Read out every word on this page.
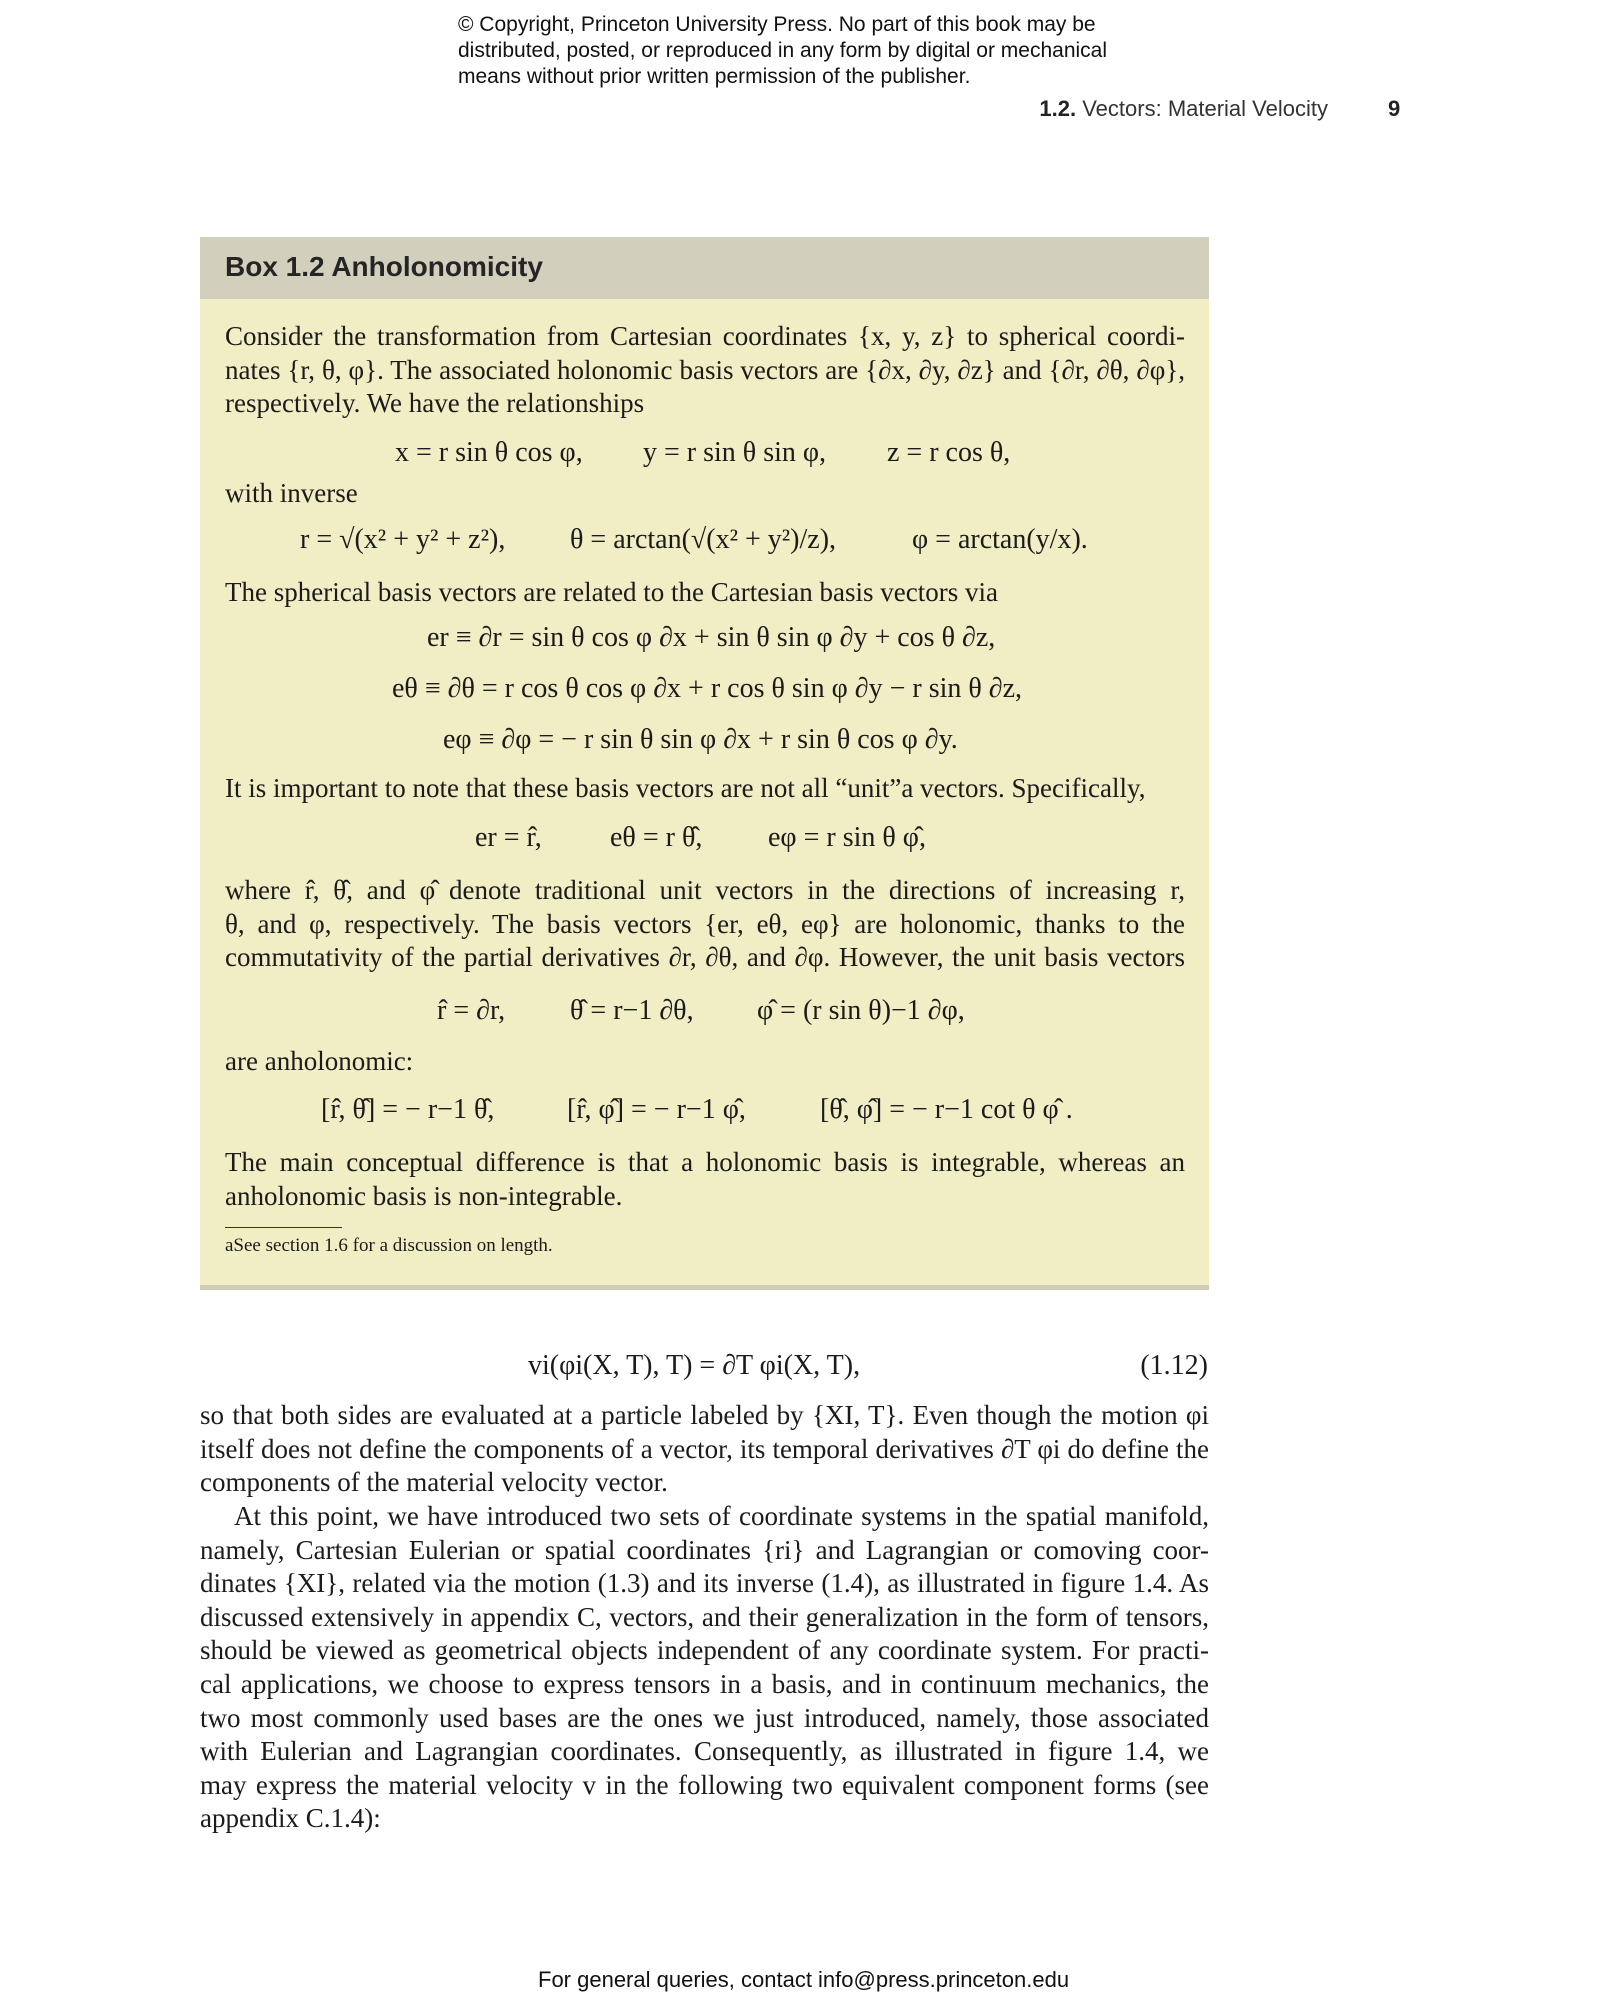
© Copyright, Princeton University Press. No part of this book may be
distributed, posted, or reproduced in any form by digital or mechanical
means without prior written permission of the publisher.
1.2. Vectors: Material Velocity	9
Box 1.2 Anholonomicity
Consider the transformation from Cartesian coordinates {x, y, z} to spherical coordi-
nates {r, θ, φ}. The associated holonomic basis vectors are {∂x, ∂y, ∂z} and {∂r, ∂θ, ∂φ},
respectively. We have the relationships
x = r sin θ cos φ, y = r sin θ sin φ, z = r cos θ,
with inverse
r = √(x² + y² + z²), θ = arctan(√(x² + y²)/z),	φ = arctan(y/x).
The spherical basis vectors are related to the Cartesian basis vectors via
er ≡ ∂r = sin θ cos φ ∂x + sin θ sin φ ∂y + cos θ ∂z,
eθ ≡ ∂θ = r cos θ cos φ ∂x + r cos θ sin φ ∂y − r sin θ ∂z,
eφ ≡ ∂φ = − r sin θ sin φ ∂x + r sin θ cos φ ∂y.
It is important to note that these basis vectors are not all “unit”a vectors. Specifically,
er = r̂, eθ = r θ̂, eφ = r sin θ φ̂,
where r̂, θ̂, and φ̂ denote traditional unit vectors in the directions of increasing r,
θ, and φ, respectively. The basis vectors {er, eθ, eφ} are holonomic, thanks to the
commutativity of the partial derivatives ∂r, ∂θ, and ∂φ. However, the unit basis vectors
r̂ = ∂r, θ̂ = r−1 ∂θ, φ̂ = (r sin θ)−1 ∂φ,
are anholonomic:
[r̂, θ̂] = − r−1 θ̂,	[r̂, φ̂] = − r−1 φ̂,	[θ̂, φ̂] = − r−1 cot θ φ̂ .
The main conceptual difference is that a holonomic basis is integrable, whereas an
anholonomic basis is non-integrable.
aSee section 1.6 for a discussion on length.
vi(φi(X, T), T) = ∂T φi(X, T),	(1.12)
so that both sides are evaluated at a particle labeled by {XI, T}. Even though the motion φi
itself does not define the components of a vector, its temporal derivatives ∂T φi do define the
components of the material velocity vector.
At this point, we have introduced two sets of coordinate systems in the spatial manifold,
namely, Cartesian Eulerian or spatial coordinates {ri} and Lagrangian or comoving coor-
dinates {XI}, related via the motion (1.3) and its inverse (1.4), as illustrated in figure 1.4. As
discussed extensively in appendix C, vectors, and their generalization in the form of tensors,
should be viewed as geometrical objects independent of any coordinate system. For practi-
cal applications, we choose to express tensors in a basis, and in continuum mechanics, the
two most commonly used bases are the ones we just introduced, namely, those associated
with Eulerian and Lagrangian coordinates. Consequently, as illustrated in figure 1.4, we
may express the material velocity v in the following two equivalent component forms (see
appendix C.1.4):
For general queries, contact info@press.princeton.edu
